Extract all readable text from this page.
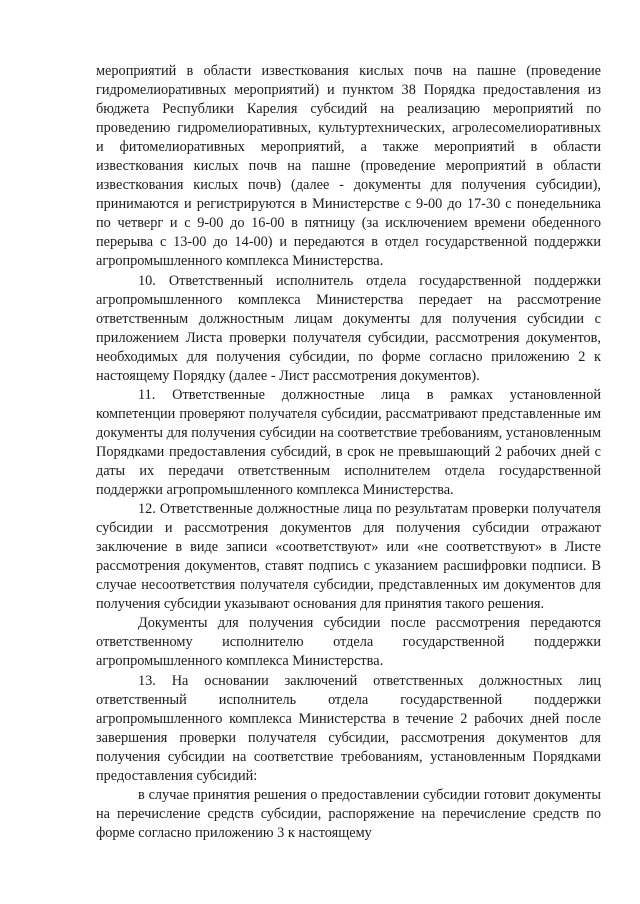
мероприятий в области известкования кислых почв на пашне (проведение гидромелиоративных мероприятий) и пунктом 38 Порядка предоставления из бюджета Республики Карелия субсидий на реализацию мероприятий по проведению гидромелиоративных, культуртехнических, агролесомелиоративных и фитомелиоративных мероприятий, а также мероприятий в области известкования кислых почв на пашне (проведение мероприятий в области известкования кислых почв) (далее - документы для получения субсидии), принимаются и регистрируются в Министерстве с 9-00 до 17-30 с понедельника по четверг и с 9-00 до 16-00 в пятницу (за исключением времени обеденного перерыва с 13-00 до 14-00) и передаются в отдел государственной поддержки агропромышленного комплекса Министерства.

10. Ответственный исполнитель отдела государственной поддержки агропромышленного комплекса Министерства передает на рассмотрение ответственным должностным лицам документы для получения субсидии с приложением Листа проверки получателя субсидии, рассмотрения документов, необходимых для получения субсидии, по форме согласно приложению 2 к настоящему Порядку (далее - Лист рассмотрения документов).

11. Ответственные должностные лица в рамках установленной компетенции проверяют получателя субсидии, рассматривают представленные им документы для получения субсидии на соответствие требованиям, установленным Порядками предоставления субсидий, в срок не превышающий 2 рабочих дней с даты их передачи ответственным исполнителем отдела государственной поддержки агропромышленного комплекса Министерства.

12. Ответственные должностные лица по результатам проверки получателя субсидии и рассмотрения документов для получения субсидии отражают заключение в виде записи «соответствуют» или «не соответствуют» в Листе рассмотрения документов, ставят подпись с указанием расшифровки подписи. В случае несоответствия получателя субсидии, представленных им документов для получения субсидии указывают основания для принятия такого решения.

Документы для получения субсидии после рассмотрения передаются ответственному исполнителю отдела государственной поддержки агропромышленного комплекса Министерства.

13. На основании заключений ответственных должностных лиц ответственный исполнитель отдела государственной поддержки агропромышленного комплекса Министерства в течение 2 рабочих дней после завершения проверки получателя субсидии, рассмотрения документов для получения субсидии на соответствие требованиям, установленным Порядками предоставления субсидий:

в случае принятия решения о предоставлении субсидии готовит документы на перечисление средств субсидии, распоряжение на перечисление средств по форме согласно приложению 3 к настоящему
